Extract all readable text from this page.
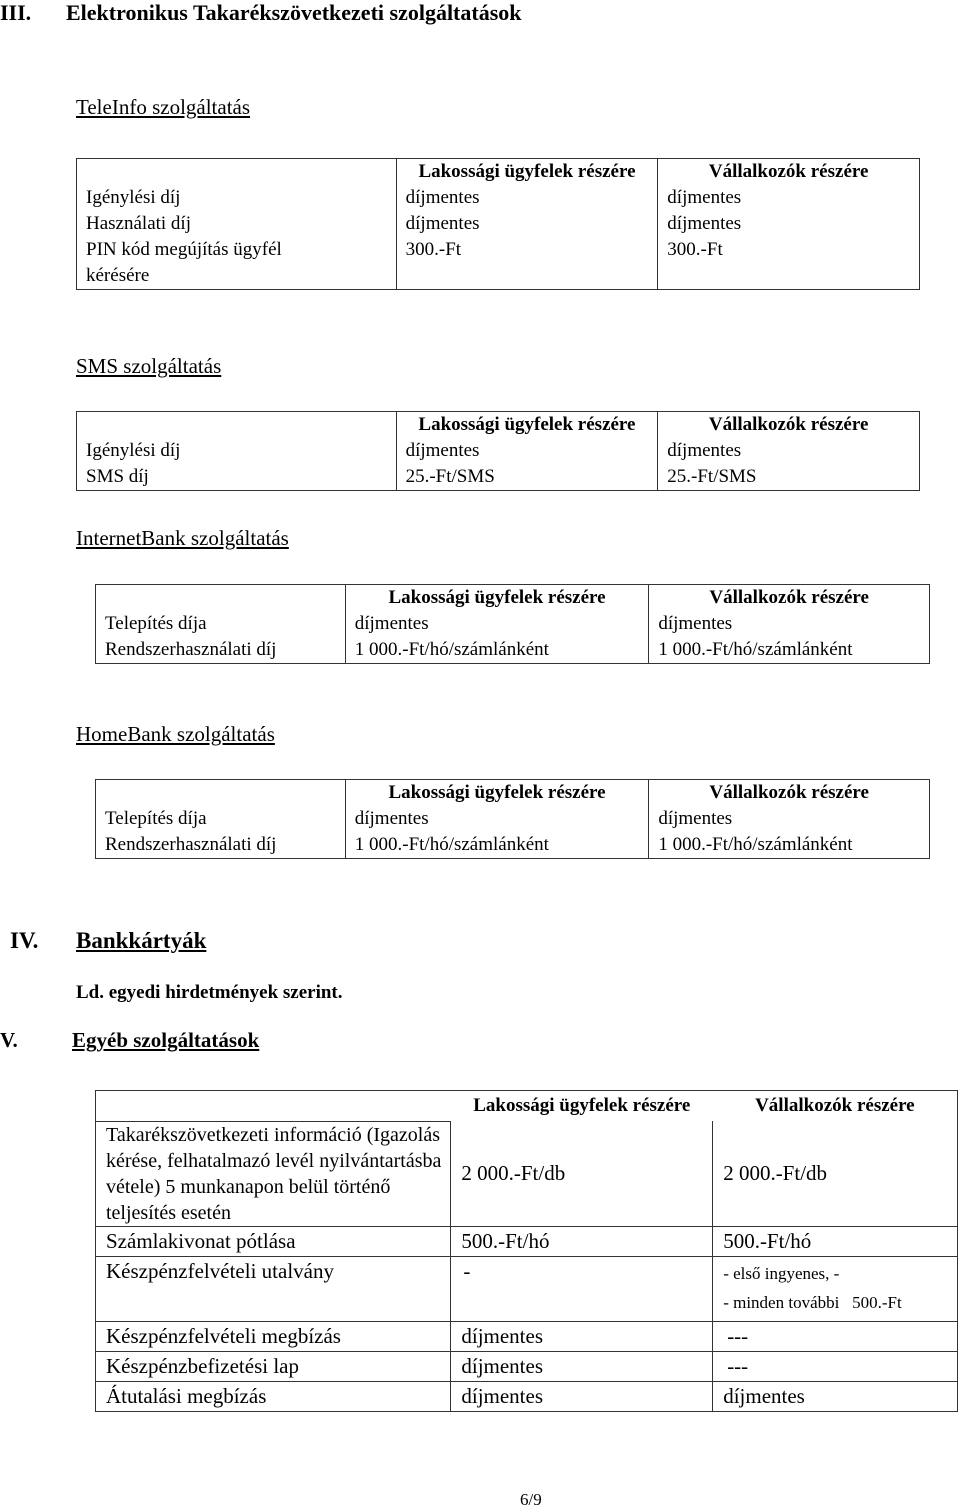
III. Elektronikus Takarékszövetkezeti szolgáltatások
TeleInfo szolgáltatás
	Lakossági ügyfelek részére	Vállalkozók részére
Igénylési díj	díjmentes	díjmentes
Használati díj	díjmentes	díjmentes
PIN kód megújítás ügyfél kérésére	300.-Ft	300.-Ft
SMS szolgáltatás
	Lakossági ügyfelek részére	Vállalkozók részére
Igénylési díj	díjmentes	díjmentes
SMS díj	25.-Ft/SMS	25.-Ft/SMS
InternetBank szolgáltatás
	Lakossági ügyfelek részére	Vállalkozók részére
Telepítés díja	díjmentes	díjmentes
Rendszerhasználati díj	1 000.-Ft/hó/számlánként	1 000.-Ft/hó/számlánként
HomeBank szolgáltatás
	Lakossági ügyfelek részére	Vállalkozók részére
Telepítés díja	díjmentes	díjmentes
Rendszerhasználati díj	1 000.-Ft/hó/számlánként	1 000.-Ft/hó/számlánként
IV. Bankkártyák
Ld. egyedi hirdetmények szerint.
V.	Egyéb szolgáltatások
	Lakossági ügyfelek részére	Vállalkozók részére
Takarékszövetkezeti információ (Igazolás kérése, felhatalmazó levél nyilvántartásba vétele) 5 munkanapon belül történő teljesítés esetén	2 000.-Ft/db	2 000.-Ft/db
Számlakivonat pótlása	500.-Ft/hó	500.-Ft/hó
Készpénzfelvételi utalvány	-	- első ingyenes, -
- minden további   500.-Ft

Készpénzfelvételi megbízás	díjmentes	---
Készpénzbefizetési lap	díjmentes	---
Átutalási megbízás	díjmentes	díjmentes
6/9
